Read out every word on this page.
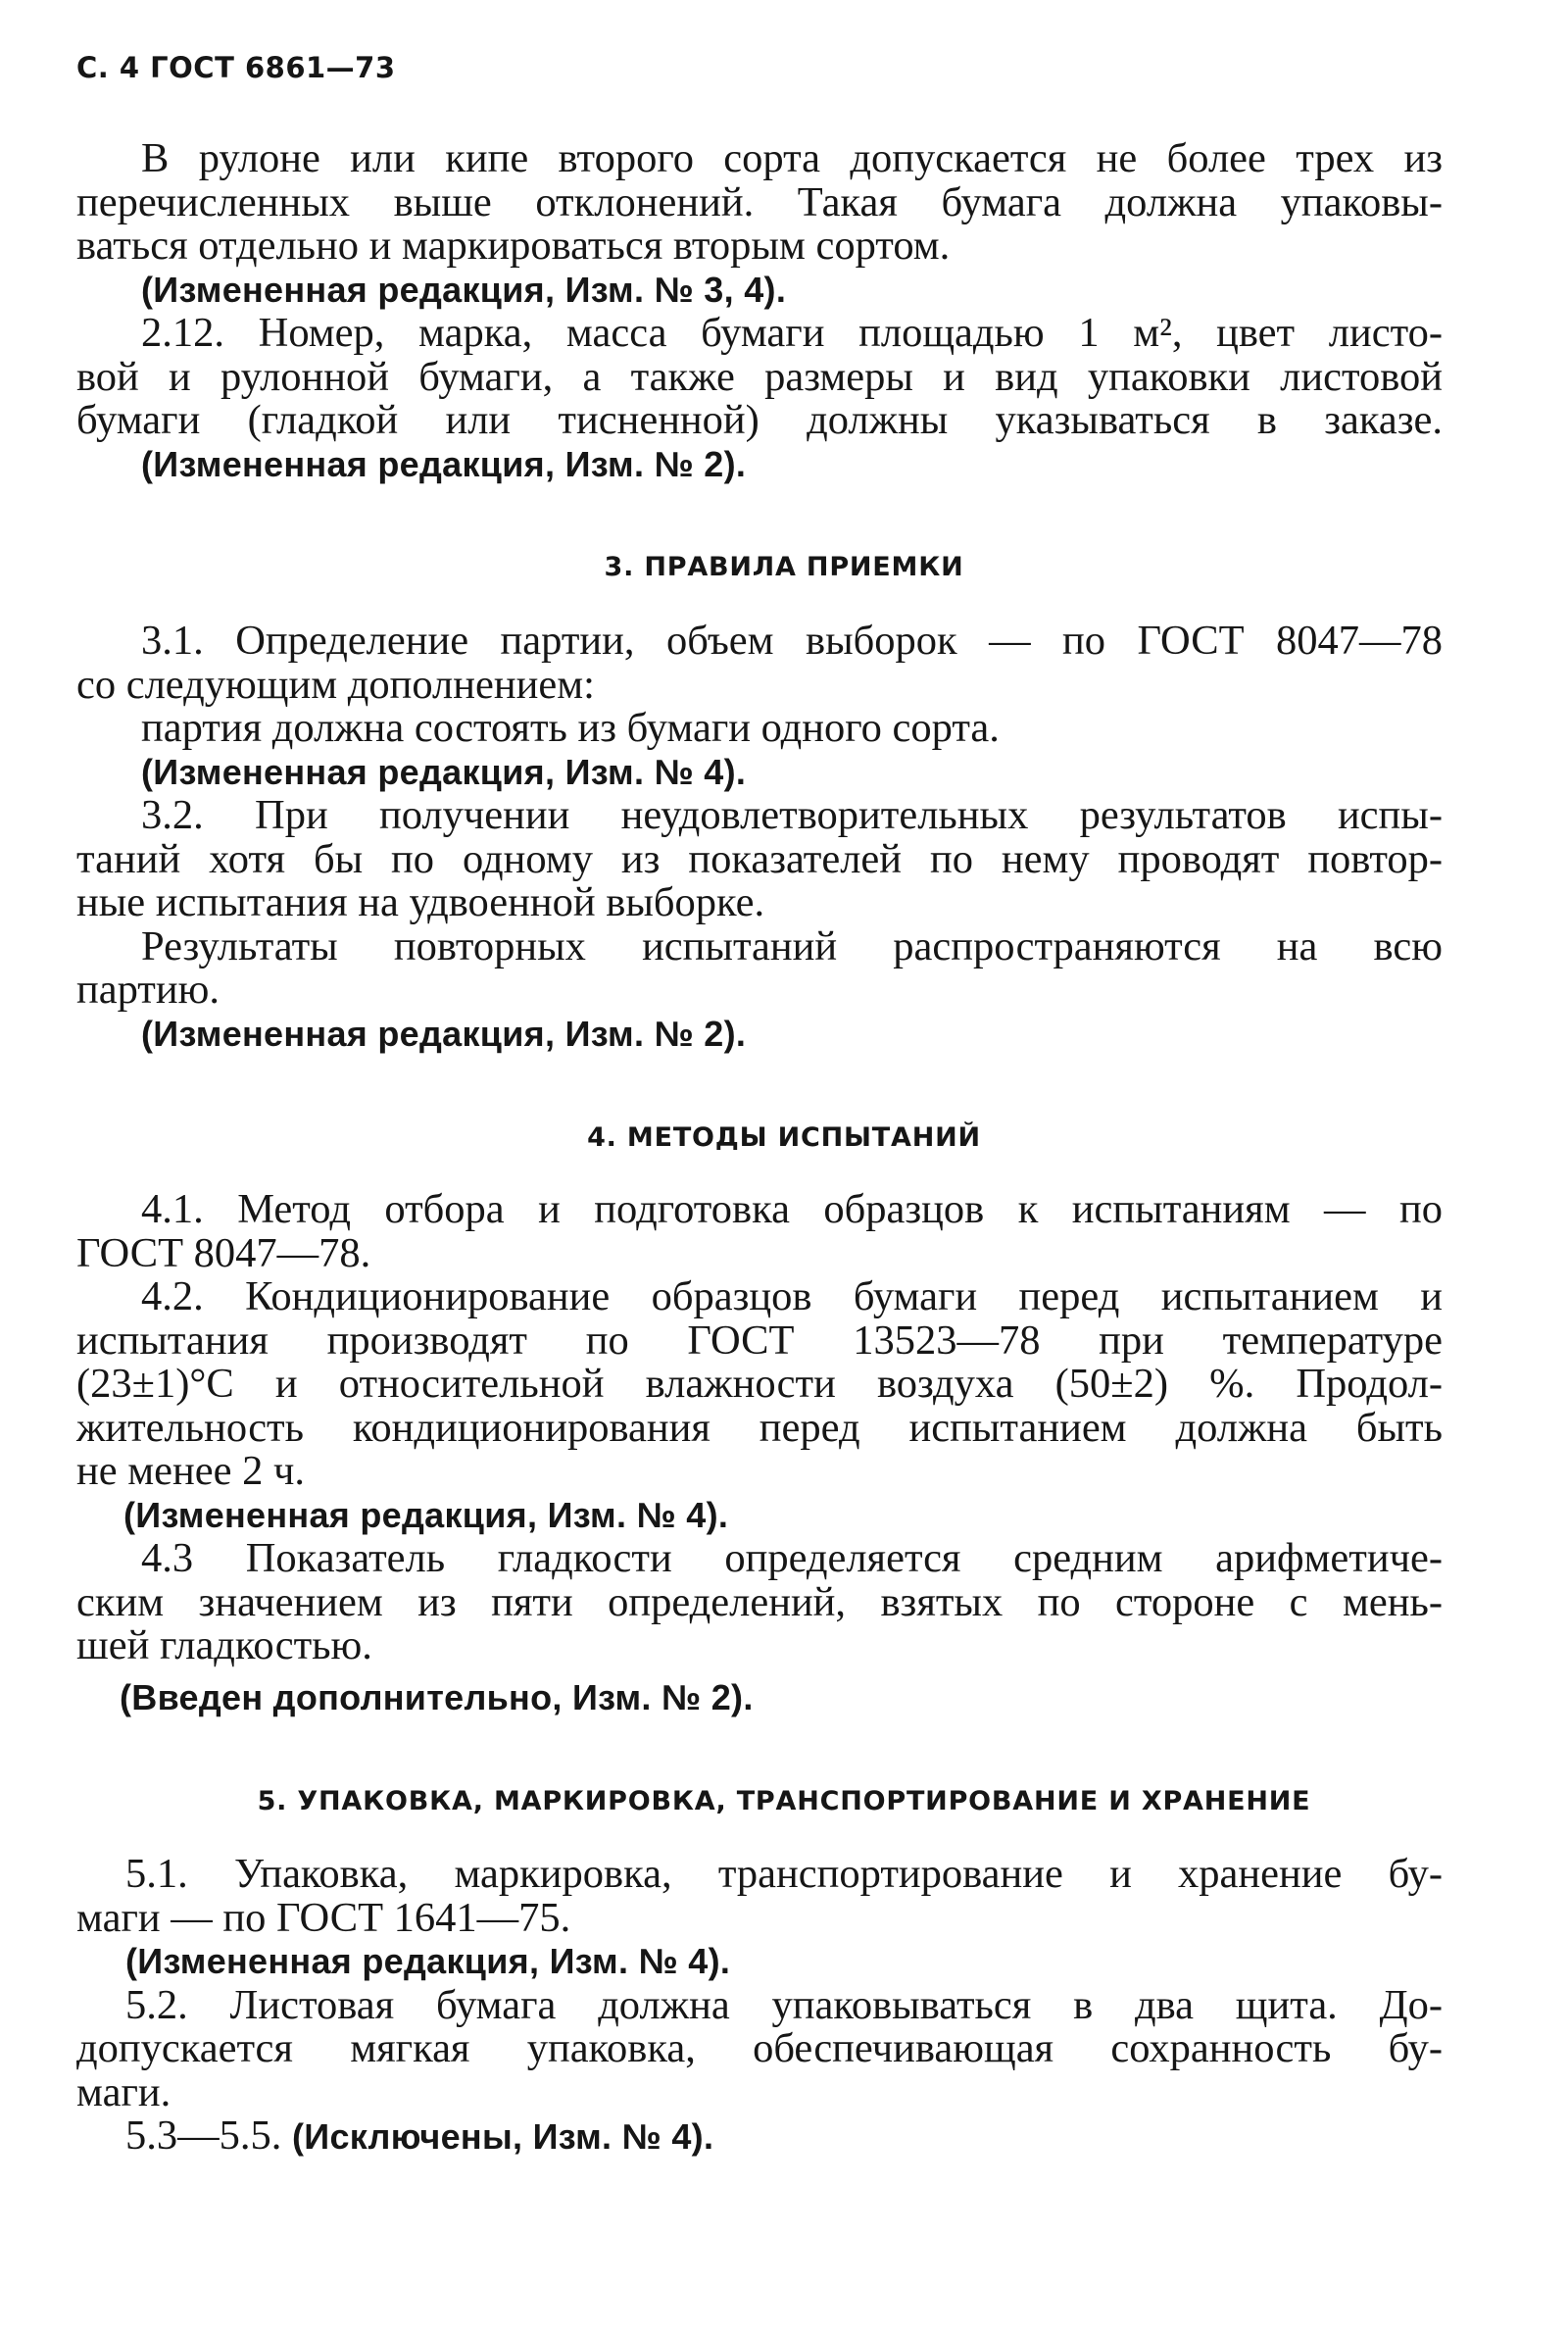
С. 4 ГОСТ 6861—73
В рулоне или кипе второго сорта допускается не более трех из
перечисленных выше отклонений. Такая бумага должна упаковы-
ваться отдельно и маркироваться вторым сортом.
(Измененная редакция, Изм. № 3, 4).
2.12. Номер, марка, масса бумаги площадью 1 м², цвет листо-
вой и рулонной бумаги, а также размеры и вид упаковки листовой
бумаги (гладкой или тисненной) должны указываться в заказе.
(Измененная редакция, Изм. № 2).
3. ПРАВИЛА ПРИЕМКИ
3.1. Определение партии, объем выборок — по ГОСТ 8047—78
со следующим дополнением:
партия должна состоять из бумаги одного сорта.
(Измененная редакция, Изм. № 4).
3.2. При получении неудовлетворительных результатов испы-
таний хотя бы по одному из показателей по нему проводят повтор-
ные испытания на удвоенной выборке.
Результаты повторных испытаний распространяются на всю
партию.
(Измененная редакция, Изм. № 2).
4. МЕТОДЫ ИСПЫТАНИЙ
4.1. Метод отбора и подготовка образцов к испытаниям — по
ГОСТ 8047—78.
4.2. Кондиционирование образцов бумаги перед испытанием и
испытания производят по ГОСТ 13523—78 при температуре
(23±1)°С и относительной влажности воздуха (50±2) %. Продол-
жительность кондиционирования перед испытанием должна быть
не менее 2 ч.
(Измененная редакция, Изм. № 4).
4.3 Показатель гладкости определяется средним арифметиче-
ским значением из пяти определений, взятых по стороне с мень-
шей гладкостью.
(Введен дополнительно, Изм. № 2).
5. УПАКОВКА, МАРКИРОВКА, ТРАНСПОРТИРОВАНИЕ И ХРАНЕНИЕ
5.1. Упаковка, маркировка, транспортирование и хранение бу-
маги — по ГОСТ 1641—75.
(Измененная редакция, Изм. № 4).
5.2. Листовая бумага должна упаковываться в два щита. До-
допускается мягкая упаковка, обеспечивающая сохранность бу-
маги.
5.3—5.5. (Исключены, Изм. № 4).
